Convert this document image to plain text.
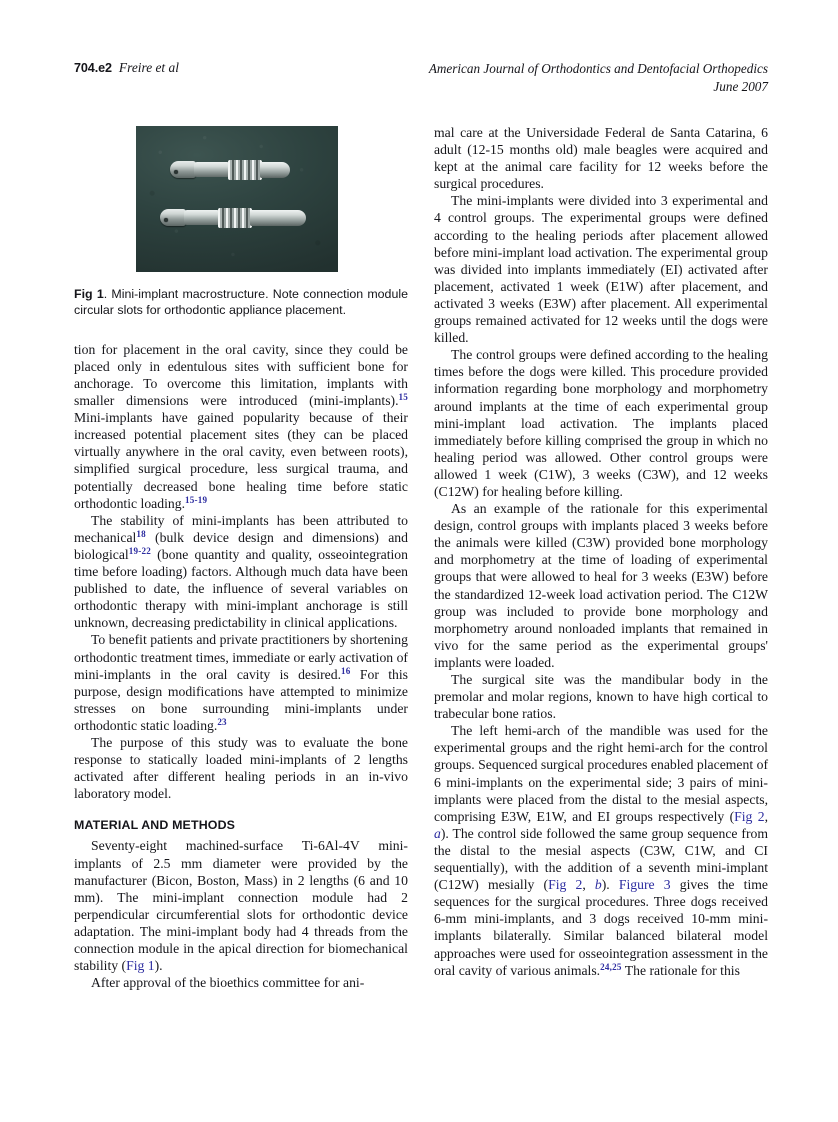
704.e2 Freire et al	American Journal of Orthodontics and Dentofacial Orthopedics
June 2007
Fig 1. Mini-implant macrostructure. Note connection module circular slots for orthodontic appliance placement.

tion for placement in the oral cavity, since they could be placed only in edentulous sites with sufficient bone for anchorage. To overcome this limitation, implants with smaller dimensions were introduced (mini-implants).$^{15}$ Mini-implants have gained popularity because of their increased potential placement sites (they can be placed virtually anywhere in the oral cavity, even between roots), simplified surgical procedure, less surgical trauma, and potentially decreased bone healing time before static orthodontic loading.$^{15-19}$

The stability of mini-implants has been attributed to mechanical$^{18}$ (bulk device design and dimensions) and biological$^{19-22}$ (bone quantity and quality, osseointegration time before loading) factors. Although much data have been published to date, the influence of several variables on orthodontic therapy with mini-implant anchorage is still unknown, decreasing predictability in clinical applications.

To benefit patients and private practitioners by shortening orthodontic treatment times, immediate or early activation of mini-implants in the oral cavity is desired.$^{16}$ For this purpose, design modifications have attempted to minimize stresses on bone surrounding mini-implants under orthodontic static loading.$^{23}$

The purpose of this study was to evaluate the bone response to statically loaded mini-implants of 2 lengths activated after different healing periods in an in-vivo laboratory model.

MATERIAL AND METHODS

Seventy-eight machined-surface Ti-6Al-4V mini-implants of 2.5 mm diameter were provided by the manufacturer (Bicon, Boston, Mass) in 2 lengths (6 and 10 mm). The mini-implant connection module had 2 perpendicular circumferential slots for orthodontic device adaptation. The mini-implant body had 4 threads from the connection module in the apical direction for biomechanical stability (Fig 1).

After approval of the bioethics committee for ani-

mal care at the Universidade Federal de Santa Catarina, 6 adult (12-15 months old) male beagles were acquired and kept at the animal care facility for 12 weeks before the surgical procedures.

The mini-implants were divided into 3 experimental and 4 control groups. The experimental groups were defined according to the healing periods after placement allowed before mini-implant load activation. The experimental group was divided into implants immediately (EI) activated after placement, activated 1 week (E1W) after placement, and activated 3 weeks (E3W) after placement. All experimental groups remained activated for 12 weeks until the dogs were killed.

The control groups were defined according to the healing times before the dogs were killed. This procedure provided information regarding bone morphology and morphometry around implants at the time of each experimental group mini-implant load activation. The implants placed immediately before killing comprised the group in which no healing period was allowed. Other control groups were allowed 1 week (C1W), 3 weeks (C3W), and 12 weeks (C12W) for healing before killing.

As an example of the rationale for this experimental design, control groups with implants placed 3 weeks before the animals were killed (C3W) provided bone morphology and morphometry at the time of loading of experimental groups that were allowed to heal for 3 weeks (E3W) before the standardized 12-week load activation period. The C12W group was included to provide bone morphology and morphometry around nonloaded implants that remained in vivo for the same period as the experimental groups' implants were loaded.

The surgical site was the mandibular body in the premolar and molar regions, known to have high cortical to trabecular bone ratios.

The left hemi-arch of the mandible was used for the experimental groups and the right hemi-arch for the control groups. Sequenced surgical procedures enabled placement of 6 mini-implants on the experimental side; 3 pairs of mini-implants were placed from the distal to the mesial aspects, comprising E3W, E1W, and EI groups respectively (Fig 2, a). The control side followed the same group sequence from the distal to the mesial aspects (C3W, C1W, and CI sequentially), with the addition of a seventh mini-implant (C12W) mesially (Fig 2, b). Figure 3 gives the time sequences for the surgical procedures. Three dogs received 6-mm mini-implants, and 3 dogs received 10-mm mini-implants bilaterally. Similar balanced bilateral model approaches were used for osseointegration assessment in the oral cavity of various animals.$^{24,25}$ The rationale for this
